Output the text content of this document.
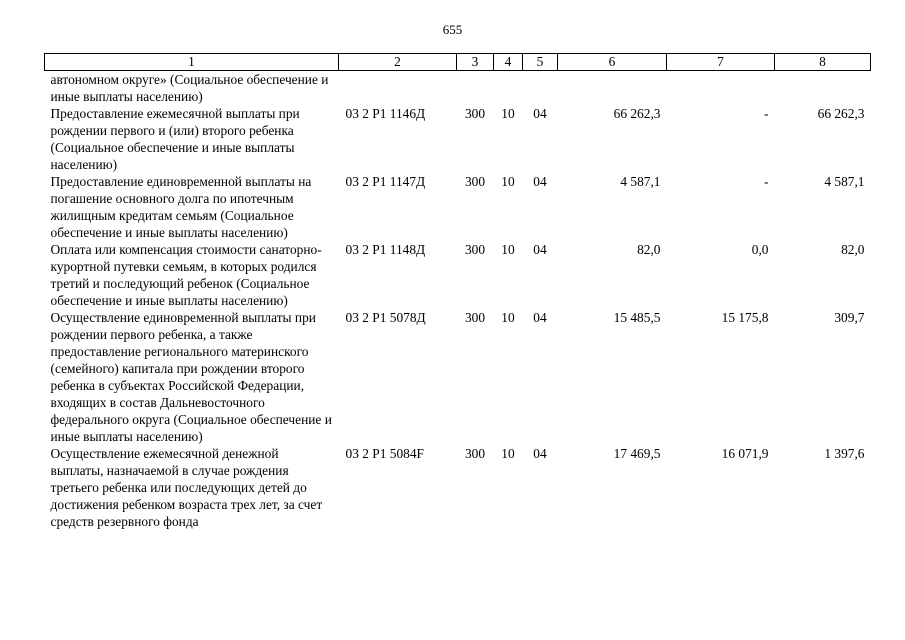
655
1	2	3	4	5	6	7	8
автономном округе» (Социальное обеспечение и иные выплаты населению)							
Предоставление ежемесячной выплаты при рождении первого и (или) второго ребенка (Социальное обеспечение и иные выплаты населению)	03 2 P1 1146Д	300	10	04	66 262,3	-	66 262,3
Предоставление единовременной выплаты на погашение основного долга по ипотечным жилищным кредитам семьям (Социальное обеспечение и иные выплаты населению)	03 2 P1 1147Д	300	10	04	4 587,1	-	4 587,1
Оплата или компенсация стоимости санаторно-курортной путевки семьям, в которых родился третий и последующий ребенок (Социальное обеспечение и иные выплаты населению)	03 2 P1 1148Д	300	10	04	82,0	0,0	82,0
Осуществление единовременной выплаты при рождении первого ребенка, а также предоставление регионального материнского (семейного) капитала при рождении второго ребенка в субъектах Российской Федерации, входящих в состав Дальневосточного федерального округа (Социальное обеспечение и иные выплаты населению)	03 2 P1 5078Д	300	10	04	15 485,5	15 175,8	309,7
Осуществление ежемесячной денежной выплаты, назначаемой в случае рождения третьего ребенка или последующих детей до достижения ребенком возраста трех лет, за счет средств резервного фонда	03 2 P1 5084F	300	10	04	17 469,5	16 071,9	1 397,6
